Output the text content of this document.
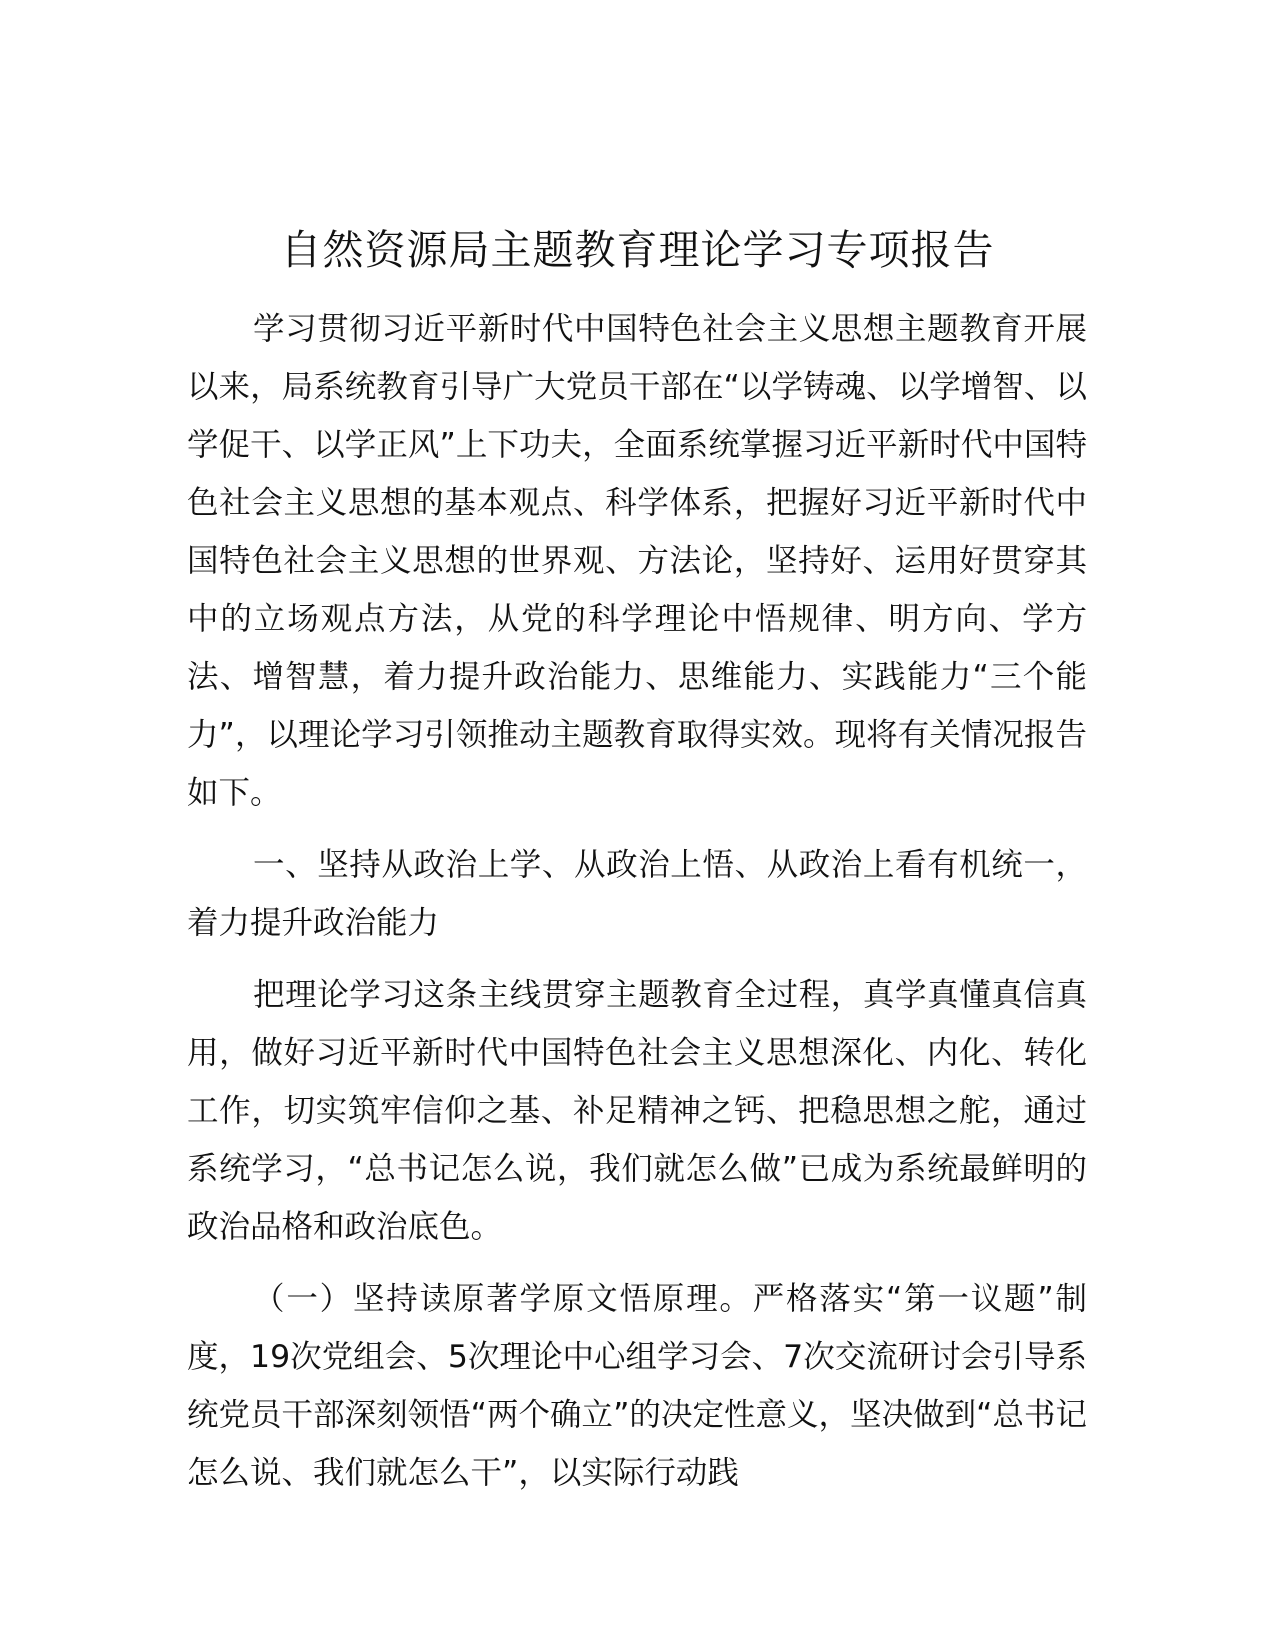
自然资源局主题教育理论学习专项报告

学习贯彻习近平新时代中国特色社会主义思想主题教育开展以来，局系统教育引导广大党员干部在“以学铸魂、以学增智、以学促干、以学正风”上下功夫，全面系统掌握习近平新时代中国特色社会主义思想的基本观点、科学体系，把握好习近平新时代中国特色社会主义思想的世界观、方法论，坚持好、运用好贯穿其中的立场观点方法，从党的科学理论中悟规律、明方向、学方法、增智慧，着力提升政治能力、思维能力、实践能力“三个能力”，以理论学习引领推动主题教育取得实效。现将有关情况报告如下。

一、坚持从政治上学、从政治上悟、从政治上看有机统一，着力提升政治能力

把理论学习这条主线贯穿主题教育全过程，真学真懂真信真用，做好习近平新时代中国特色社会主义思想深化、内化、转化工作，切实筑牢信仰之基、补足精神之钙、把稳思想之舵，通过系统学习，“总书记怎么说，我们就怎么做”已成为系统最鲜明的政治品格和政治底色。

（一）坚持读原著学原文悟原理。严格落实“第一议题”制度，19次党组会、5次理论中心组学习会、7次交流研讨会引导系统党员干部深刻领悟“两个确立”的决定性意义，坚决做到“总书记怎么说、我们就怎么干”，以实际行动践
